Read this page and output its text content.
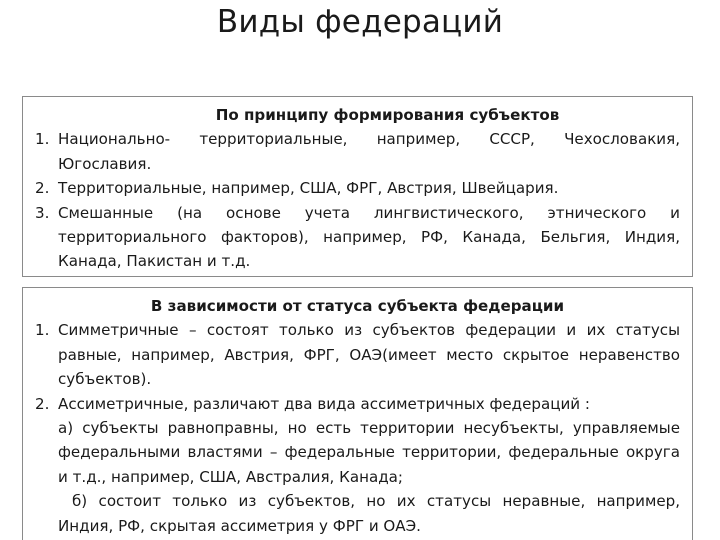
Виды федераций

По принципу формирования субъектов

1. Национально- территориальные, например, СССР, Чехословакия, Югославия.
2. Территориальные, например, США, ФРГ, Австрия, Швейцария.
3. Смешанные (на основе учета лингвистического, этнического и территориального факторов), например, РФ, Канада, Бельгия, Индия, Канада, Пакистан и т.д.

В зависимости от статуса субъекта федерации

1. Симметричные – состоят только из субъектов федерации и их статусы равные, например, Австрия, ФРГ, ОАЭ(имеет место скрытое неравенство субъектов).
2. Ассиметричные, различают два вида ассиметричных федераций :
а) субъекты равноправны, но есть территории несубъекты, управляемые федеральными властями – федеральные территории, федеральные округа и т.д., например, США, Австралия, Канада;
б) состоит только из субъектов, но их статусы неравные, например, Индия, РФ, скрытая ассиметрия у ФРГ и ОАЭ.
